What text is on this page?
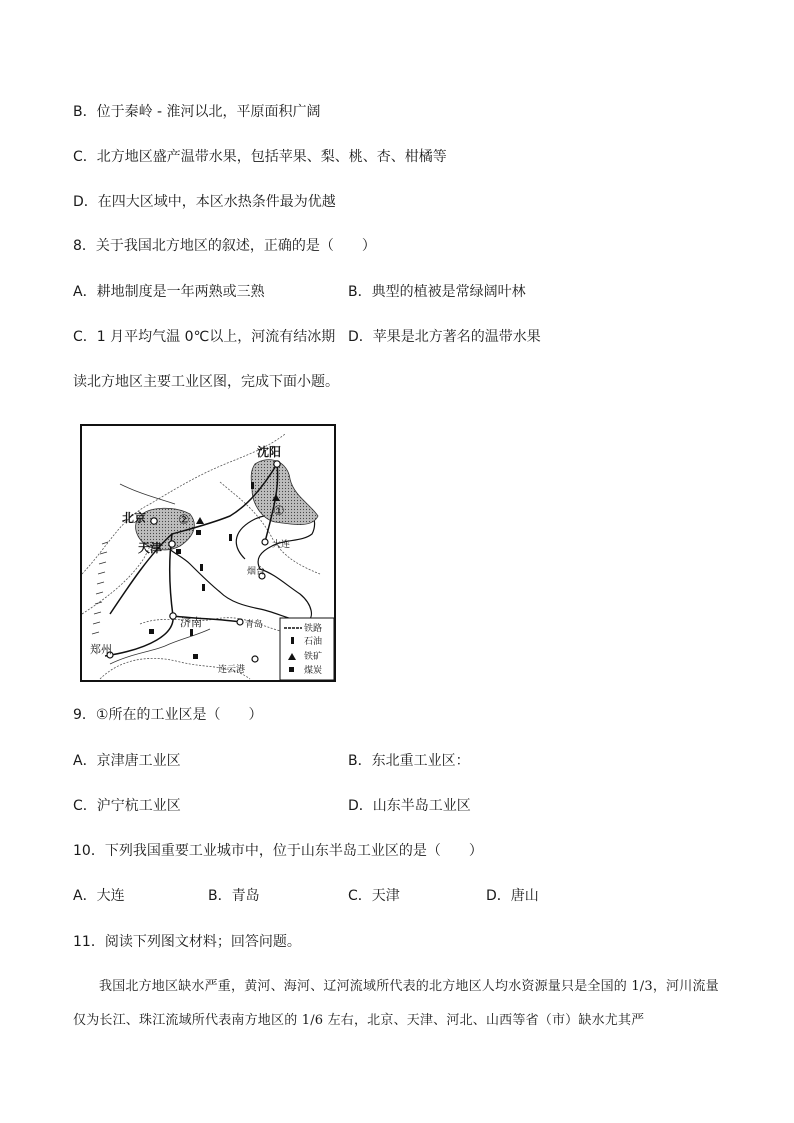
B．位于秦岭 - 淮河以北，平原面积广阔
C．北方地区盛产温带水果，包括苹果、梨、桃、杏、柑橘等
D．在四大区域中，本区水热条件最为优越
8．关于我国北方地区的叙述，正确的是（　　）
A．耕地制度是一年两熟或三熟	B．典型的植被是常绿阔叶林
C．1 月平均气温 0℃以上，河流有结冰期 D．苹果是北方著名的温带水果
读北方地区主要工业区图，完成下面小题。
沈阳
北京
天津	大连
烟台
济南	青岛
郑州
连云港
①
②
铁路
石油
铁矿
煤炭
9．①所在的工业区是（　　）
A．京津唐工业区	B．东北重工业区：
C．沪宁杭工业区	D．山东半岛工业区
10．下列我国重要工业城市中，位于山东半岛工业区的是（　　）
A．大连	B．青岛	C．天津	D．唐山
11．阅读下列图文材料；回答问题。
我国北方地区缺水严重，黄河、海河、辽河流域所代表的北方地区人均水资源量只是全国的 1/3，河川流量仅为长江、珠江流域所代表南方地区的 1/6 左右，北京、天津、河北、山西等省（市）缺水尤其严
